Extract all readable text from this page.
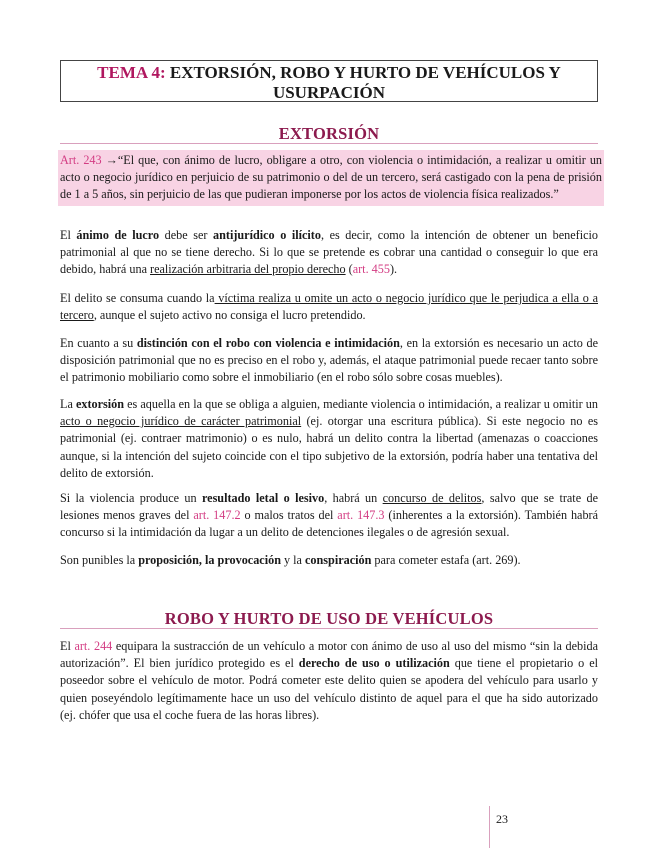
TEMA 4: EXTORSIÓN, ROBO Y HURTO DE VEHÍCULOS Y
USURPACIÓN
EXTORSIÓN

Art. 243 →“El que, con ánimo de lucro, obligare a otro, con violencia o intimidación, a realizar u omitir un acto o negocio jurídico en perjuicio de su patrimonio o del de un tercero, será castigado con la pena de prisión de 1 a 5 años, sin perjuicio de las que pudieran imponerse por los actos de violencia física realizados.”

El ánimo de lucro debe ser antijurídico o ilícito, es decir, como la intención de obtener un beneficio patrimonial al que no se tiene derecho. Si lo que se pretende es cobrar una cantidad o conseguir lo que era debido, habrá una realización arbitraria del propio derecho (art. 455).

El delito se consuma cuando la víctima realiza u omite un acto o negocio jurídico que le perjudica a ella o a tercero, aunque el sujeto activo no consiga el lucro pretendido.

En cuanto a su distinción con el robo con violencia e intimidación, en la extorsión es necesario un acto de disposición patrimonial que no es preciso en el robo y, además, el ataque patrimonial puede recaer tanto sobre el patrimonio mobiliario como sobre el inmobiliario (en el robo sólo sobre cosas muebles).

La extorsión es aquella en la que se obliga a alguien, mediante violencia o intimidación, a realizar u omitir un acto o negocio jurídico de carácter patrimonial (ej. otorgar una escritura pública). Si este negocio no es patrimonial (ej. contraer matrimonio) o es nulo, habrá un delito contra la libertad (amenazas o coacciones aunque, si la intención del sujeto coincide con el tipo subjetivo de la extorsión, podría haber una tentativa del delito de extorsión.

Si la violencia produce un resultado letal o lesivo, habrá un concurso de delitos, salvo que se trate de lesiones menos graves del art. 147.2 o malos tratos del art. 147.3 (inherentes a la extorsión). También habrá concurso si la intimidación da lugar a un delito de detenciones ilegales o de agresión sexual.

Son punibles la proposición, la provocación y la conspiración para cometer estafa (art. 269).

ROBO Y HURTO DE USO DE VEHÍCULOS

El art. 244 equipara la sustracción de un vehículo a motor con ánimo de uso al uso del mismo “sin la debida autorización”. El bien jurídico protegido es el derecho de uso o utilización que tiene el propietario o el poseedor sobre el vehículo de motor. Podrá cometer este delito quien se apodera del vehículo para usarlo y quien poseyéndolo legítimamente hace un uso del vehículo distinto de aquel para el que ha sido autorizado (ej. chófer que usa el coche fuera de las horas libres).

23
